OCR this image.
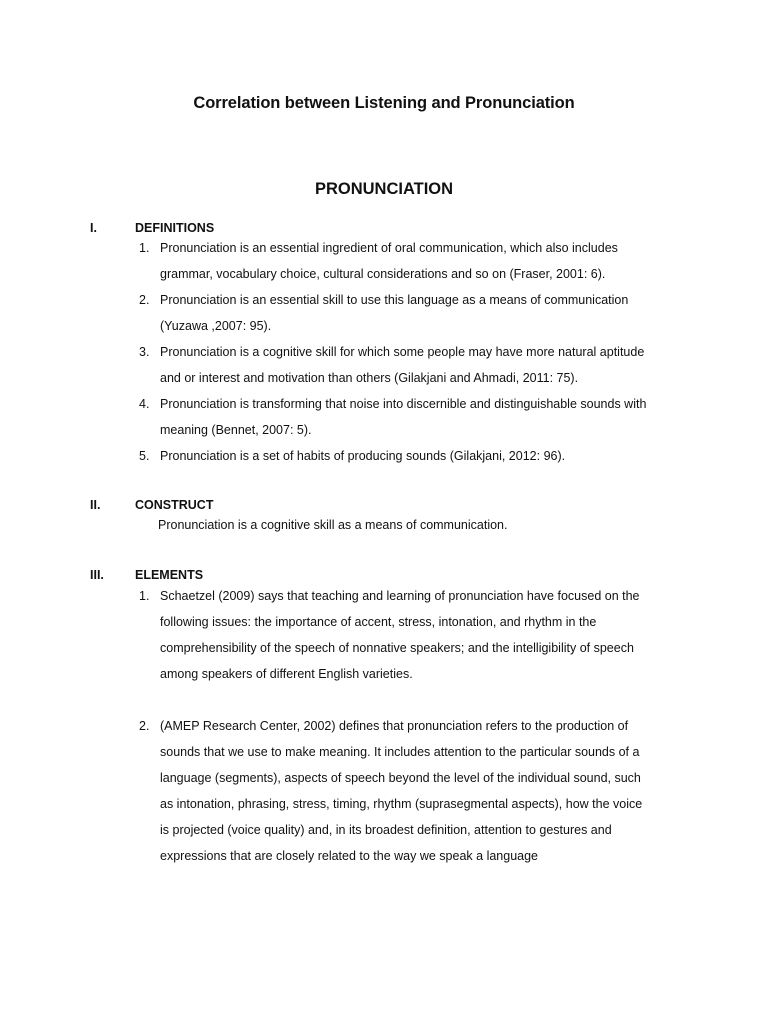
Correlation between Listening and Pronunciation
PRONUNCIATION
I.	DEFINITIONS
1. Pronunciation is an essential ingredient of oral communication, which also includes
grammar, vocabulary choice, cultural considerations and so on (Fraser, 2001: 6).
2. Pronunciation is an essential skill to use this language as a means of communication
(Yuzawa ,2007: 95).
3. Pronunciation is a cognitive skill for which some people may have more natural aptitude
and or interest and motivation than others (Gilakjani and Ahmadi, 2011: 75).
4. Pronunciation is transforming that noise into discernible and distinguishable sounds with
meaning (Bennet, 2007: 5).
5. Pronunciation is a set of habits of producing sounds (Gilakjani, 2012: 96).
II.	CONSTRUCT
Pronunciation is a cognitive skill as a means of communication.
III. ELEMENTS
1. Schaetzel (2009) says that teaching and learning of pronunciation have focused on the
following issues: the importance of accent, stress, intonation, and rhythm in the
comprehensibility of the speech of nonnative speakers; and the intelligibility of speech
among speakers of different English varieties.
2. (AMEP Research Center, 2002) defines that pronunciation refers to the production of
sounds that we use to make meaning. It includes attention to the particular sounds of a
language (segments), aspects of speech beyond the level of the individual sound, such
as intonation, phrasing, stress, timing, rhythm (suprasegmental aspects), how the voice
is projected (voice quality) and, in its broadest definition, attention to gestures and
expressions that are closely related to the way we speak a language
